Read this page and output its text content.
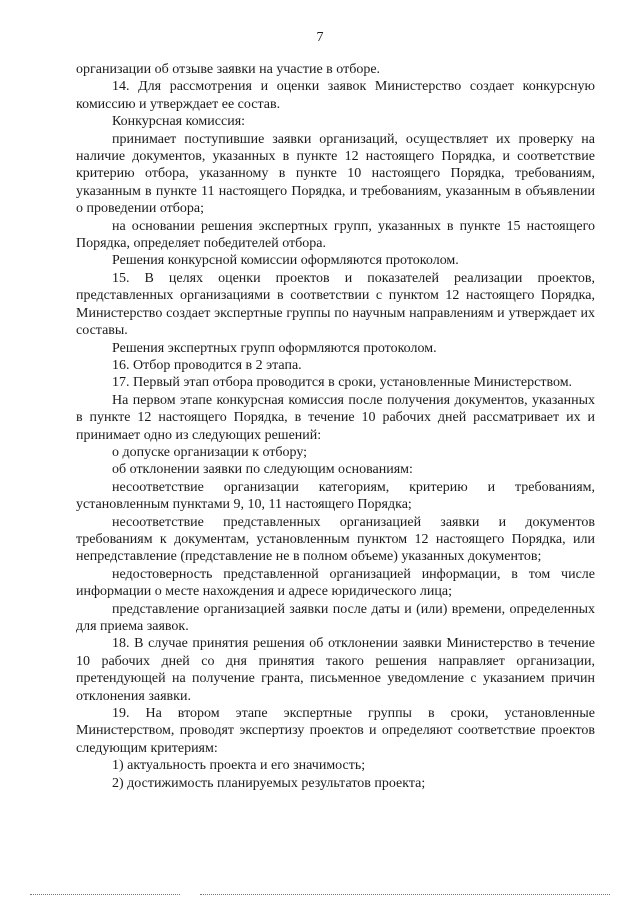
7

организации об отзыве заявки на участие в отборе.

14. Для рассмотрения и оценки заявок Министерство создает конкурсную комиссию и утверждает ее состав.

Конкурсная комиссия:

принимает поступившие заявки организаций, осуществляет их проверку на наличие документов, указанных в пункте 12 настоящего Порядка, и соответствие критерию отбора, указанному в пункте 10 настоящего Порядка, требованиям, указанным в пункте 11 настоящего Порядка, и требованиям, указанным в объявлении о проведении отбора;

на основании решения экспертных групп, указанных в пункте 15 настоящего Порядка, определяет победителей отбора.

Решения конкурсной комиссии оформляются протоколом.

15. В целях оценки проектов и показателей реализации проектов, представленных организациями в соответствии с пунктом 12 настоящего Порядка, Министерство создает экспертные группы по научным направлениям и утверждает их составы.

Решения экспертных групп оформляются протоколом.

16. Отбор проводится в 2 этапа.

17. Первый этап отбора проводится в сроки, установленные Министерством.

На первом этапе конкурсная комиссия после получения документов, указанных в пункте 12 настоящего Порядка, в течение 10 рабочих дней рассматривает их и принимает одно из следующих решений:

о допуске организации к отбору;

об отклонении заявки по следующим основаниям:

несоответствие организации категориям, критерию и требованиям, установленным пунктами 9, 10, 11 настоящего Порядка;

несоответствие представленных организацией заявки и документов требованиям к документам, установленным пунктом 12 настоящего Порядка, или непредставление (представление не в полном объеме) указанных документов;

недостоверность представленной организацией информации, в том числе информации о месте нахождения и адресе юридического лица;

представление организацией заявки после даты и (или) времени, определенных для приема заявок.

18. В случае принятия решения об отклонении заявки Министерство в течение 10 рабочих дней со дня принятия такого решения направляет организации, претендующей на получение гранта, письменное уведомление с указанием причин отклонения заявки.

19. На втором этапе экспертные группы в сроки, установленные Министерством, проводят экспертизу проектов и определяют соответствие проектов следующим критериям:

1) актуальность проекта и его значимость;

2) достижимость планируемых результатов проекта;
